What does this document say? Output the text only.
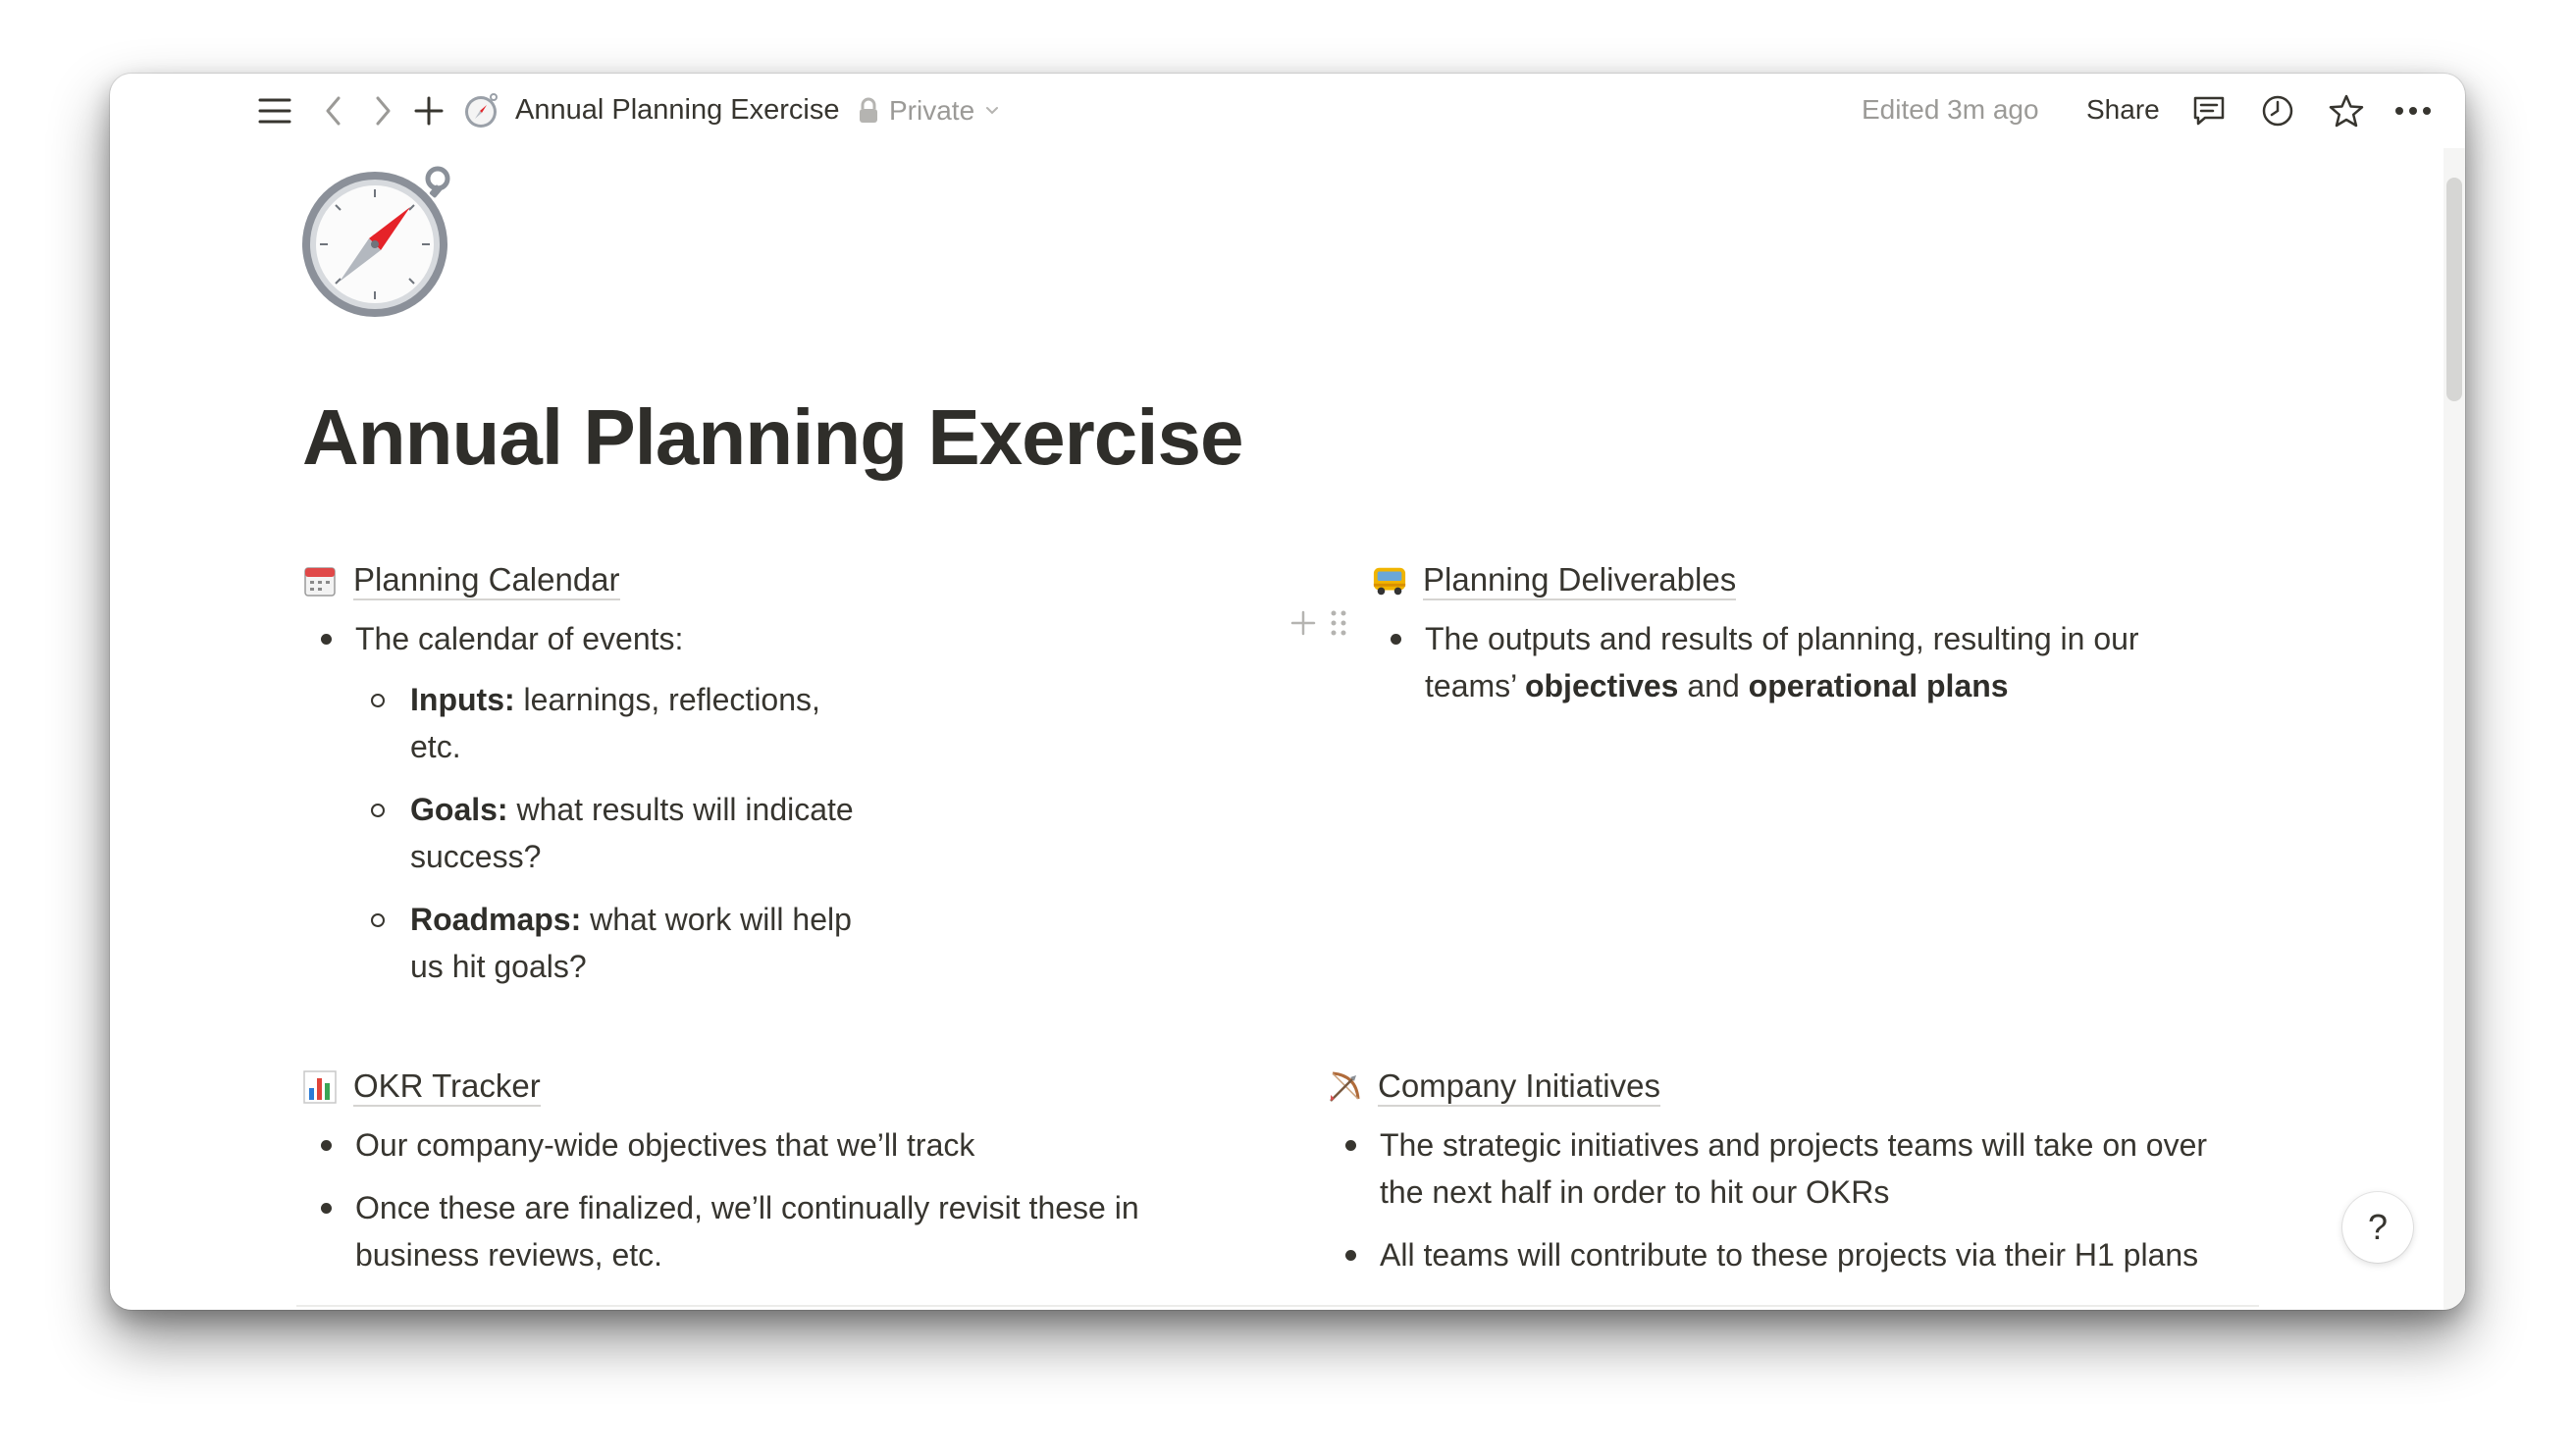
Annual Planning Exercise Private	Edited 3m ago Share
Annual Planning Exercise
Planning Calendar
The calendar of events:
Inputs: learnings, reflections,
etc.
Goals: what results will indicate
success?
Roadmaps: what work will help
us hit goals?
Planning Deliverables
The outputs and results of planning, resulting in our
teams’ objectives and operational plans
OKR Tracker
Our company-wide objectives that we’ll track
Once these are finalized, we’ll continually revisit these in
business reviews, etc.
Company Initiatives
The strategic initiatives and projects teams will take on over
the next half in order to hit our OKRs
All teams will contribute to these projects via their H1 plans
?
